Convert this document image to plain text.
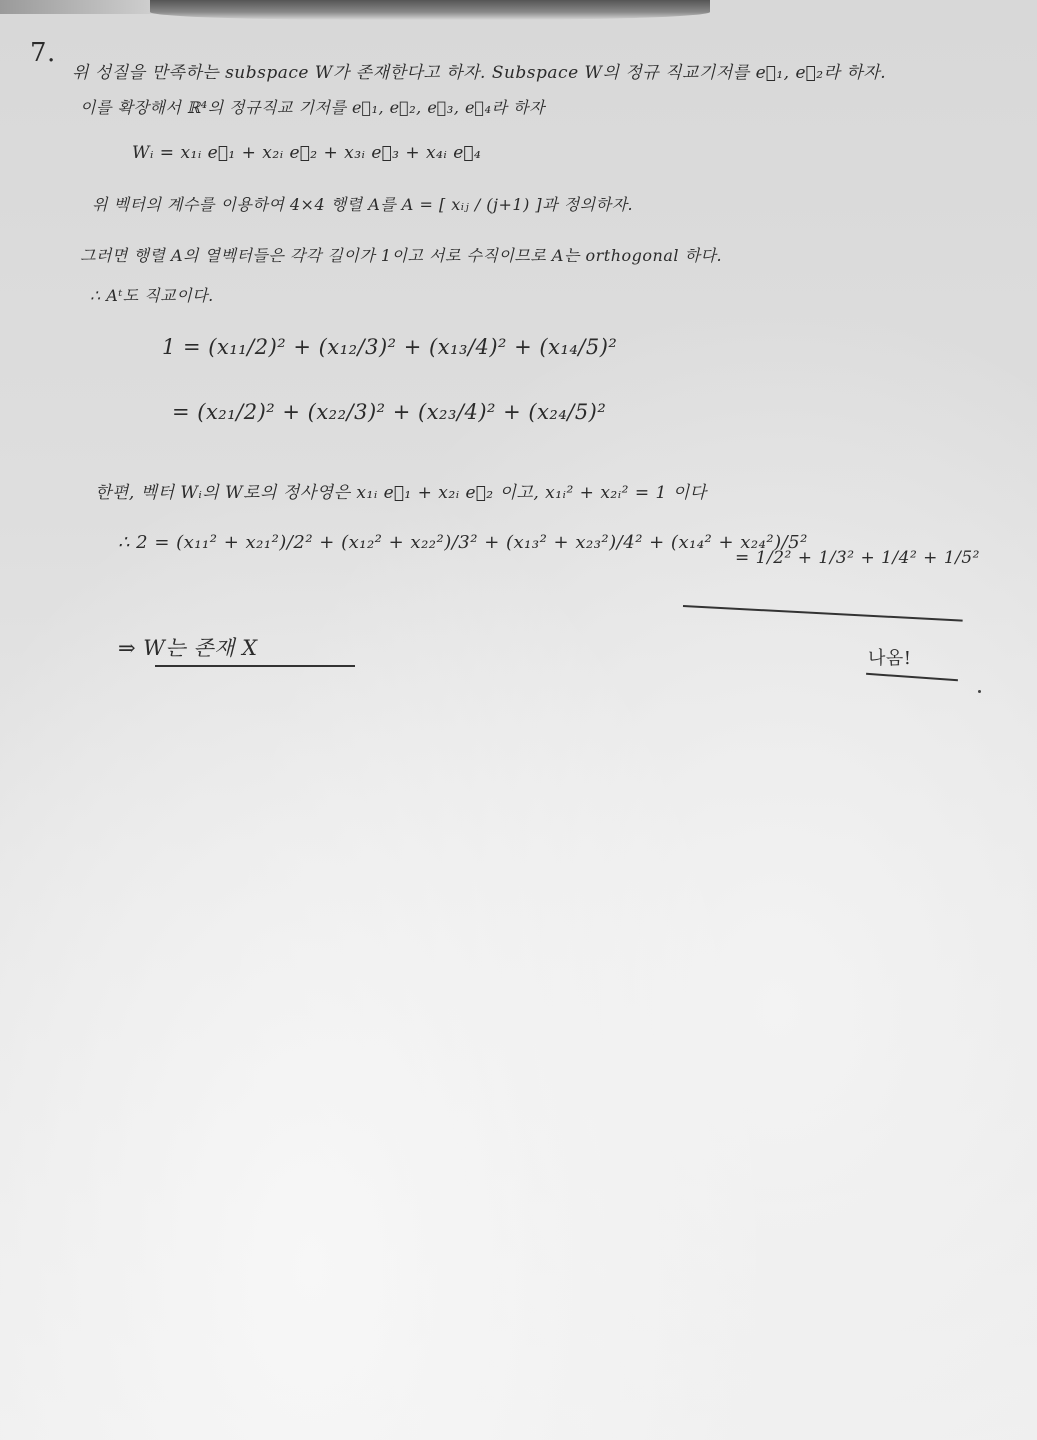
7.
위 성질을 만족하는 subspace W가 존재한다고 하자. Subspace W의 정규 직교기저를 e⃗₁, e⃗₂라 하자.
이를 확장해서 ℝ⁴의 정규직교 기저를 e⃗₁, e⃗₂, e⃗₃, e⃗₄라 하자
Wᵢ = x₁ᵢ e⃗₁ + x₂ᵢ e⃗₂ + x₃ᵢ e⃗₃ + x₄ᵢ e⃗₄
위 벡터의 계수를 이용하여 4×4 행렬 A를 A = [ xᵢⱼ / (j+1) ]과 정의하자.
그러면 행렬 A의 열벡터들은 각각 길이가 1이고 서로 수직이므로 A는 orthogonal 하다.
∴ Aᵗ도 직교이다.
1 = (x₁₁/2)² + (x₁₂/3)² + (x₁₃/4)² + (x₁₄/5)²
= (x₂₁/2)² + (x₂₂/3)² + (x₂₃/4)² + (x₂₄/5)²
한편, 벡터 Wᵢ의 W로의 정사영은 x₁ᵢ e⃗₁ + x₂ᵢ e⃗₂ 이고, x₁ᵢ² + x₂ᵢ² = 1 이다
∴ 2 = (x₁₁² + x₂₁²)/2² + (x₁₂² + x₂₂²)/3² + (x₁₃² + x₂₃²)/4² + (x₁₄² + x₂₄²)/5²
= 1/2² + 1/3² + 1/4² + 1/5²
⇒ W는 존재 X	나옴!
